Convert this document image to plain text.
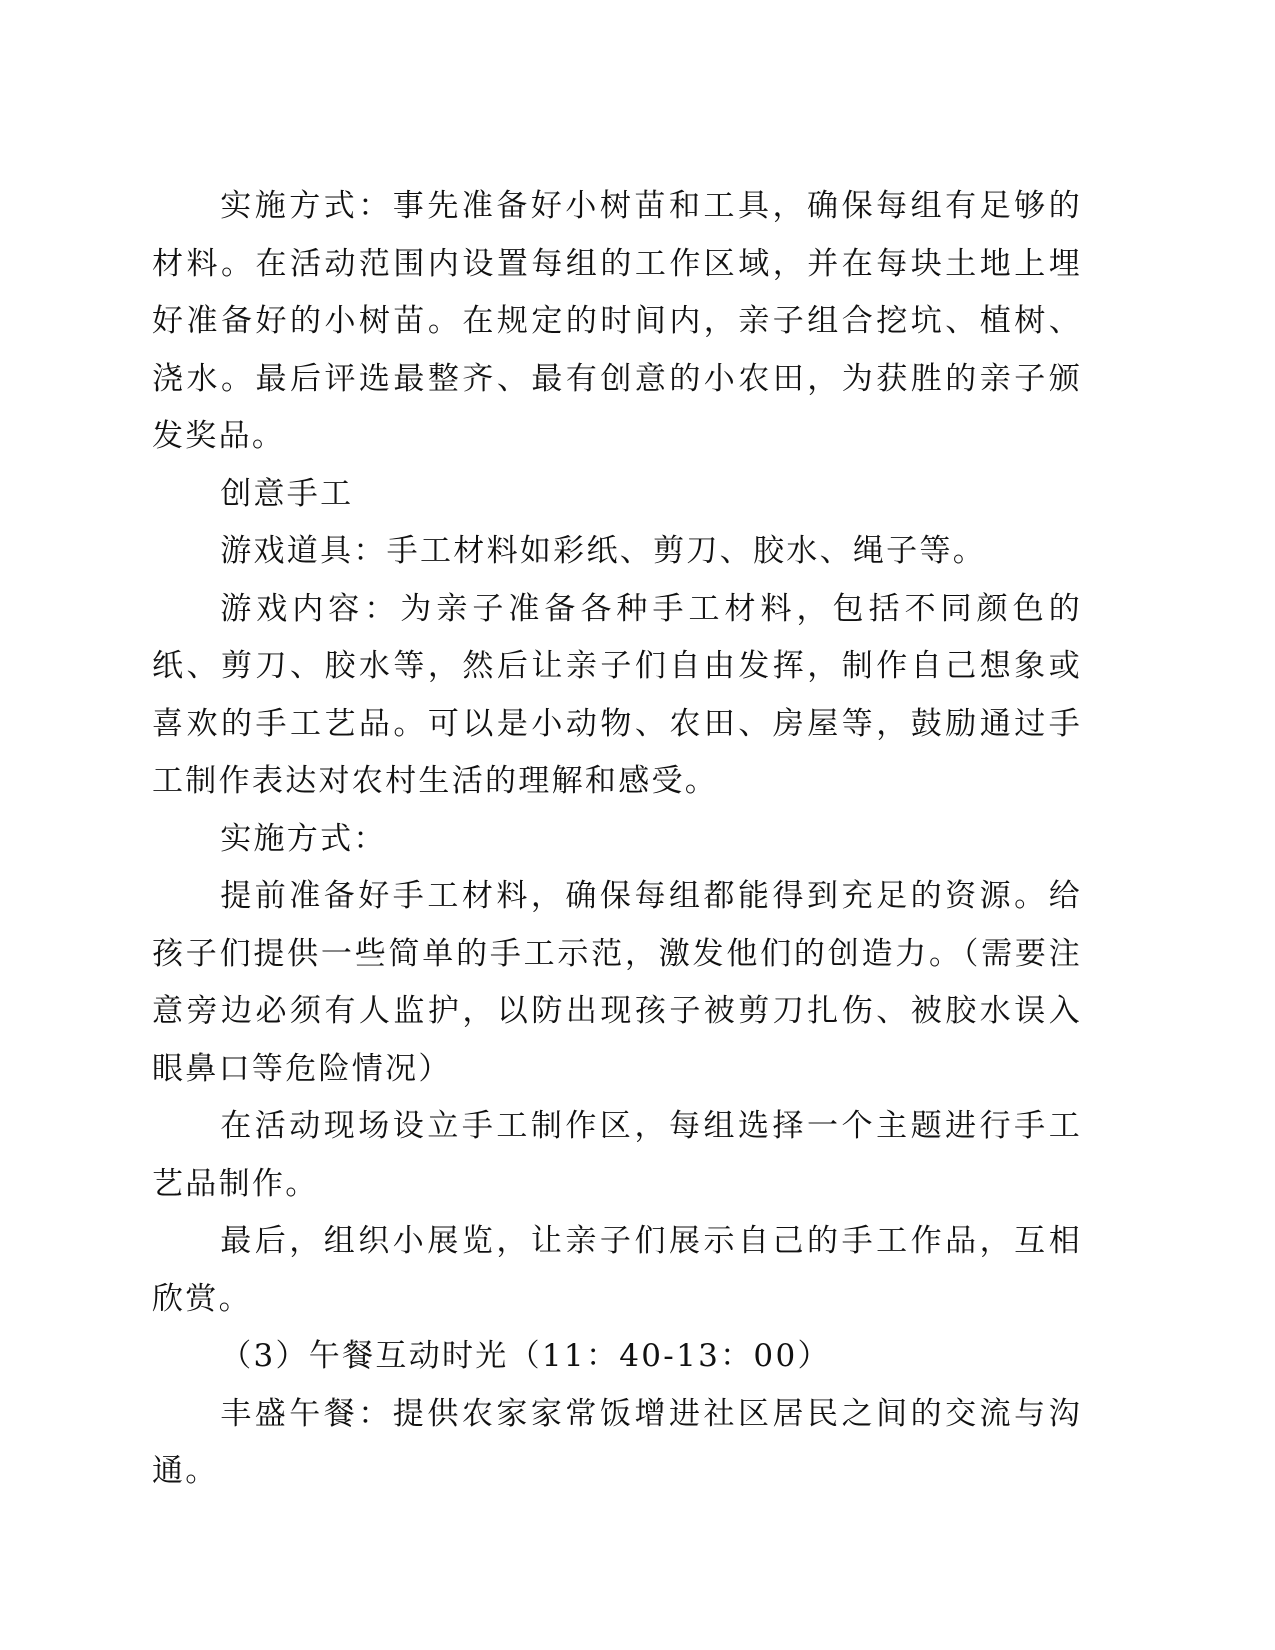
实施方式：事先准备好小树苗和工具，确保每组有足够的材料。在活动范围内设置每组的工作区域，并在每块土地上埋好准备好的小树苗。在规定的时间内，亲子组合挖坑、植树、浇水。最后评选最整齐、最有创意的小农田，为获胜的亲子颁发奖品。

创意手工

游戏道具：手工材料如彩纸、剪刀、胶水、绳子等。

游戏内容：为亲子准备各种手工材料，包括不同颜色的纸、剪刀、胶水等，然后让亲子们自由发挥，制作自己想象或喜欢的手工艺品。可以是小动物、农田、房屋等，鼓励通过手工制作表达对农村生活的理解和感受。

实施方式：

提前准备好手工材料，确保每组都能得到充足的资源。给孩子们提供一些简单的手工示范，激发他们的创造力。（需要注意旁边必须有人监护，以防出现孩子被剪刀扎伤、被胶水误入眼鼻口等危险情况）

在活动现场设立手工制作区，每组选择一个主题进行手工艺品制作。

最后，组织小展览，让亲子们展示自己的手工作品，互相欣赏。

（3）午餐互动时光（11：40-13：00）

丰盛午餐：提供农家家常饭增进社区居民之间的交流与沟通。
